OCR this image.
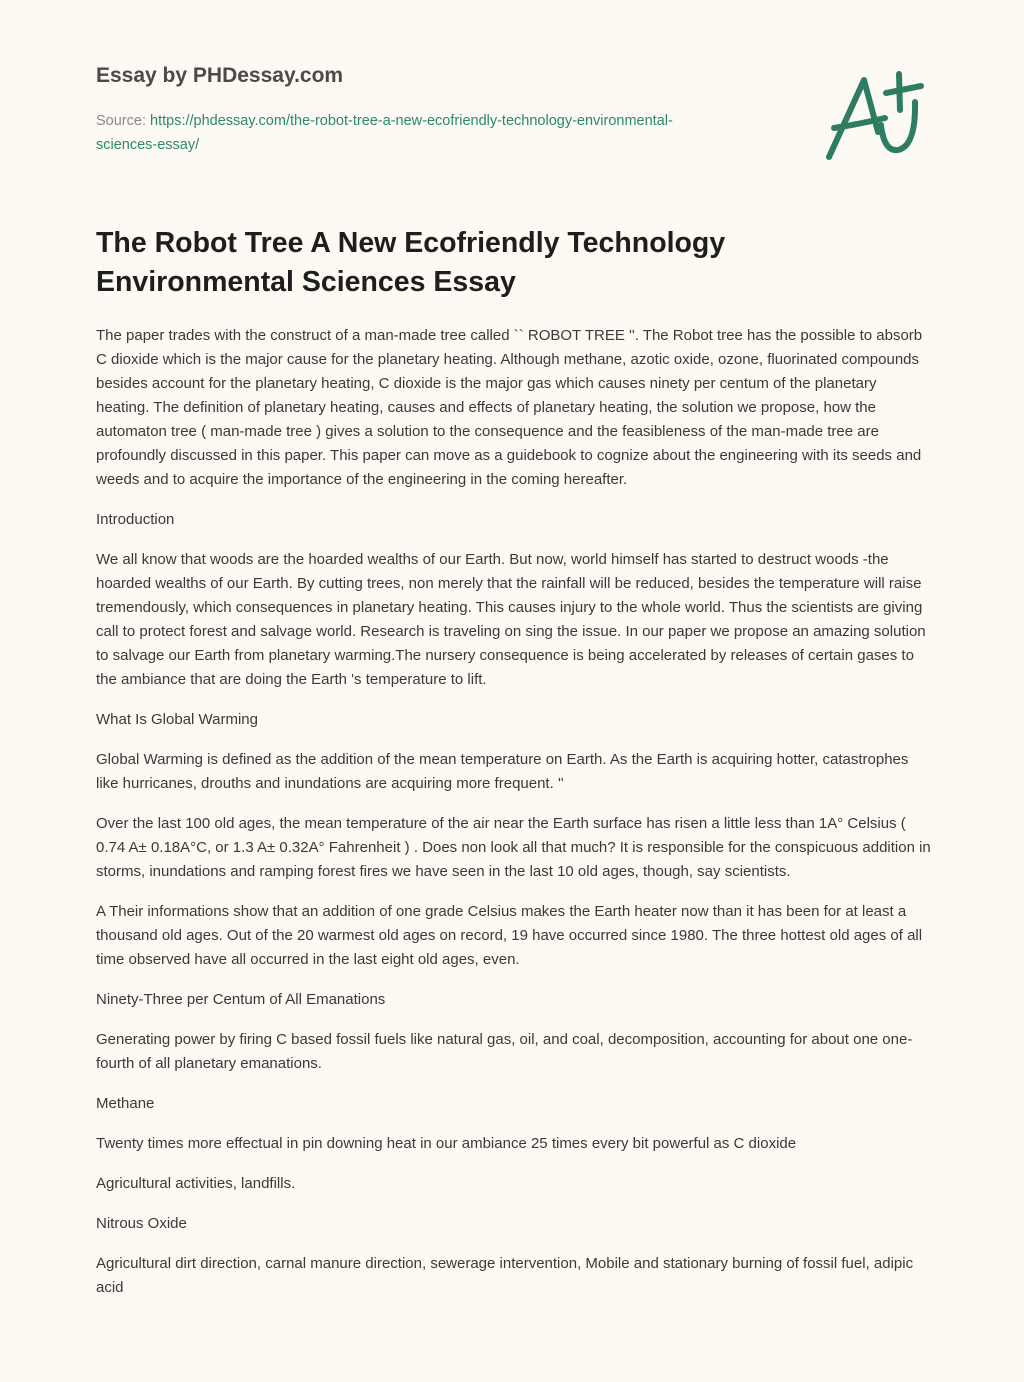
Essay by PHDessay.com
Source: https://phdessay.com/the-robot-tree-a-new-ecofriendly-technology-environmental-sciences-essay/
The Robot Tree A New Ecofriendly Technology Environmental Sciences Essay

The paper trades with the construct of a man-made tree called `` ROBOT TREE ''. The Robot tree has the possible to absorb C dioxide which is the major cause for the planetary heating. Although methane, azotic oxide, ozone, fluorinated compounds besides account for the planetary heating, C dioxide is the major gas which causes ninety per centum of the planetary heating. The definition of planetary heating, causes and effects of planetary heating, the solution we propose, how the automaton tree ( man-made tree ) gives a solution to the consequence and the feasibleness of the man-made tree are profoundly discussed in this paper. This paper can move as a guidebook to cognize about the engineering with its seeds and weeds and to acquire the importance of the engineering in the coming hereafter.

Introduction

We all know that woods are the hoarded wealths of our Earth. But now, world himself has started to destruct woods -the hoarded wealths of our Earth. By cutting trees, non merely that the rainfall will be reduced, besides the temperature will raise tremendously, which consequences in planetary heating. This causes injury to the whole world. Thus the scientists are giving call to protect forest and salvage world. Research is traveling on sing the issue. In our paper we propose an amazing solution to salvage our Earth from planetary warming.The nursery consequence is being accelerated by releases of certain gases to the ambiance that are doing the Earth 's temperature to lift.

What Is Global Warming

Global Warming is defined as the addition of the mean temperature on Earth. As the Earth is acquiring hotter, catastrophes like hurricanes, drouths and inundations are acquiring more frequent. ''

Over the last 100 old ages, the mean temperature of the air near the Earth surface has risen a little less than 1A° Celsius ( 0.74 A± 0.18A°C, or 1.3 A± 0.32A° Fahrenheit ) . Does non look all that much? It is responsible for the conspicuous addition in storms, inundations and ramping forest fires we have seen in the last 10 old ages, though, say scientists.

A Their informations show that an addition of one grade Celsius makes the Earth heater now than it has been for at least a thousand old ages. Out of the 20 warmest old ages on record, 19 have occurred since 1980. The three hottest old ages of all time observed have all occurred in the last eight old ages, even.

Ninety-Three per Centum of All Emanations

Generating power by firing C based fossil fuels like natural gas, oil, and coal, decomposition, accounting for about one one-fourth of all planetary emanations.

Methane

Twenty times more effectual in pin downing heat in our ambiance 25 times every bit powerful as C dioxide

Agricultural activities, landfills.

Nitrous Oxide

Agricultural dirt direction, carnal manure direction, sewerage intervention, Mobile and stationary burning of fossil fuel, adipic acid
